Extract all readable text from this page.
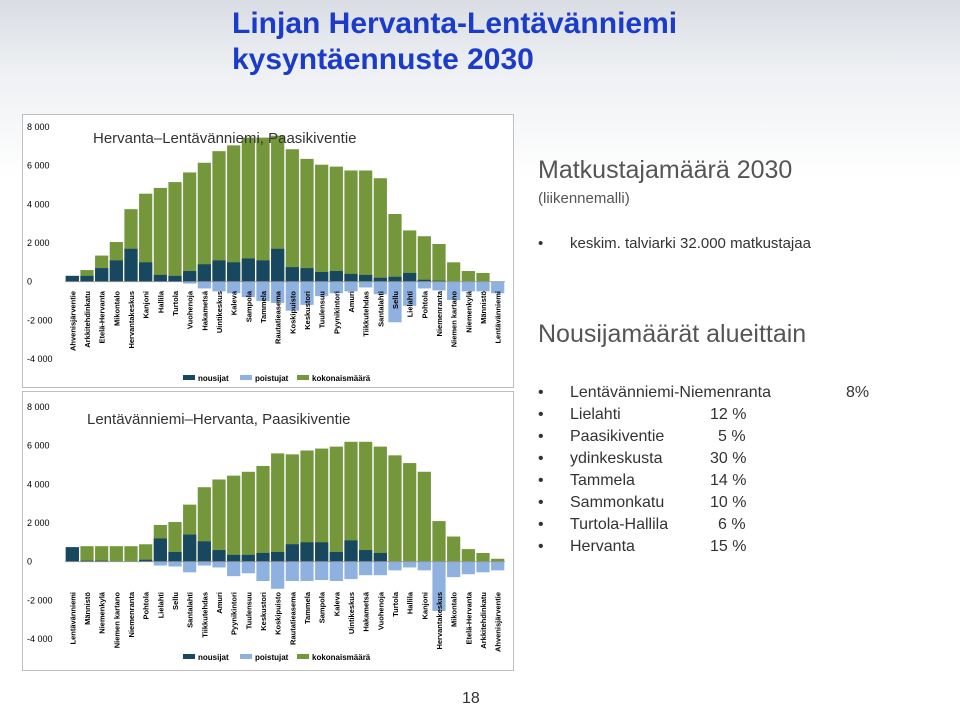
Linjan Hervanta-Lentävänniemi
kysyntäennuste 2030
8 000
6 000
4 000
2 000
0
-2 000
-4 000
Ahvenisjärventie Arkkitehdinkatu Etelä-Hervanta Mikontalo Hervantakeskus Kanjoni Hallila Turtola Vuohenoja Hakametsä Uintikeskus Kaleva Sampola Tammela Rautatieasema Koskipuisto Keskustori Tuulensuu Pyynikintori Amuri Tiikkutehdas Santalahti Sellu Lielahti Pohtola Niemenranta Niemen kartano Niemenkylä Männistö Lentävänniemi
Hervanta–Lentävänniemi, Paasikiventie
nousijat	poistujat	kokonaismäärä
8 000
6 000
4 000
2 000
0
-2 000
-4 000 Lentävänniemi Männistö Niemenkylä Niemen kartano Niemenranta Pohtola Lielahti Sellu Santalahti Tiikkutehdas Amuri Pyynikintori Tuulensuu Keskustori Koskipuisto Rautatieasema Tammela Sampola Kaleva Uintikeskus Hakametsä Vuohenoja Turtola Hallila Kanjoni Hervantakeskus Mikontalo Etelä-Hervanta Arkkitehdinkatu Ahvenisjärventie
Lentävänniemi–Hervanta, Paasikiventie
nousijat	poistujat	kokonaismäärä
Matkustajamäärä 2030
(liikennemalli)
• keskim. talviarki 32.000 matkustajaa
Nousijamäärät alueittain
• Lentävänniemi-Niemenranta	8%
• Lielahti	12 %
• Paasikiventie	5 %
• ydinkeskusta	30 %
• Tammela	14 %
• Sammonkatu	10 %
• Turtola-Hallila	6 %
• Hervanta	15 %
18
